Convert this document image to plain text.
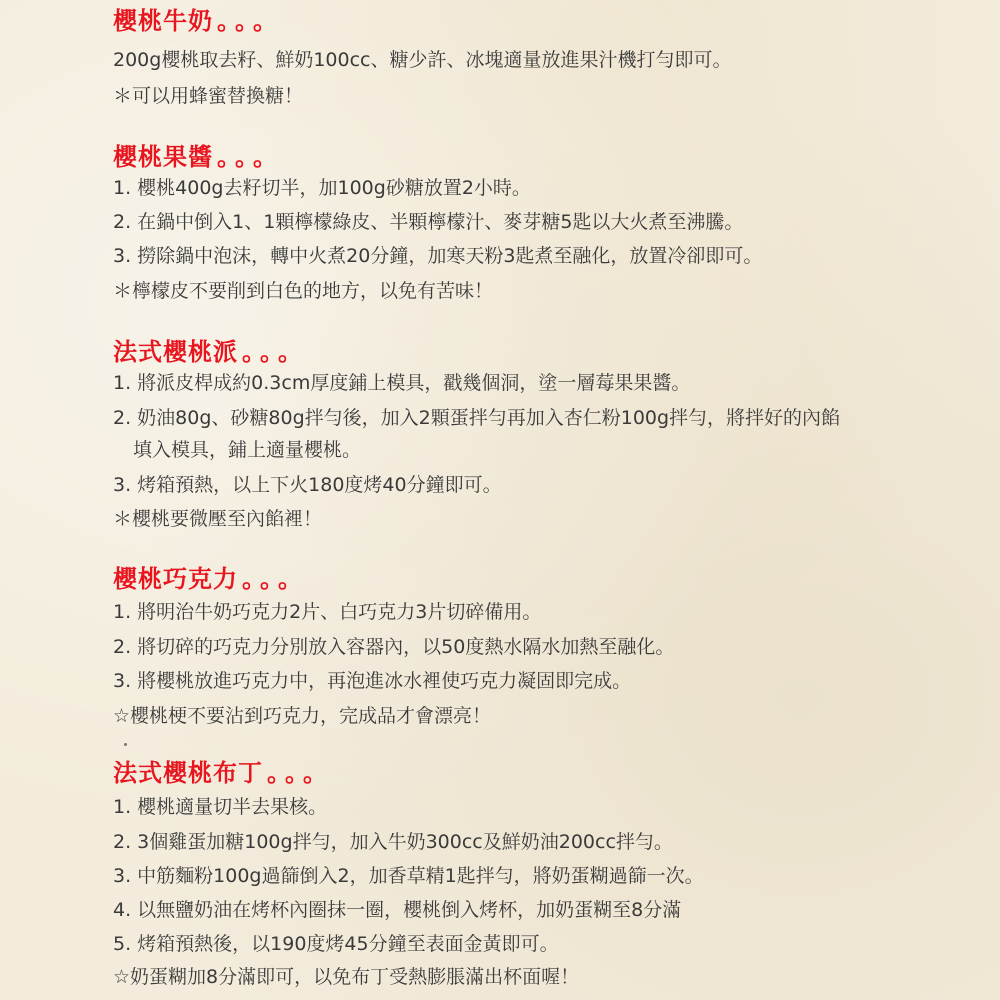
櫻桃牛奶 。。。
200g櫻桃取去籽、鮮奶100cc、糖少許、冰塊適量放進果汁機打勻即可。
＊可以用蜂蜜替換糖！
櫻桃果醬 。。。
1. 櫻桃400g去籽切半，加100g砂糖放置2小時。
2. 在鍋中倒入1、1顆檸檬綠皮、半顆檸檬汁、麥芽糖5匙以大火煮至沸騰。
3. 撈除鍋中泡沫，轉中火煮20分鐘，加寒天粉3匙煮至融化，放置冷卻即可。
＊檸檬皮不要削到白色的地方，以免有苦味！
法式櫻桃派 。。。
1. 將派皮桿成約0.3cm厚度鋪上模具，戳幾個洞，塗一層莓果果醬。
2. 奶油80g、砂糖80g拌勻後，加入2顆蛋拌勻再加入杏仁粉100g拌勻，將拌好的內餡
填入模具，鋪上適量櫻桃。
3. 烤箱預熱，以上下火180度烤40分鐘即可。
＊櫻桃要微壓至內餡裡！
櫻桃巧克力 。。。
1. 將明治牛奶巧克力2片、白巧克力3片切碎備用。
2. 將切碎的巧克力分別放入容器內，以50度熱水隔水加熱至融化。
3. 將櫻桃放進巧克力中，再泡進冰水裡使巧克力凝固即完成。
☆櫻桃梗不要沾到巧克力，完成品才會漂亮！
法式櫻桃布丁 。。。
1. 櫻桃適量切半去果核。
2. 3個雞蛋加糖100g拌勻，加入牛奶300cc及鮮奶油200cc拌勻。
3. 中筋麵粉100g過篩倒入2，加香草精1匙拌勻，將奶蛋糊過篩一次。
4. 以無鹽奶油在烤杯內圈抹一圈，櫻桃倒入烤杯，加奶蛋糊至8分滿
5. 烤箱預熱後，以190度烤45分鐘至表面金黃即可。
☆奶蛋糊加8分滿即可，以免布丁受熱膨脹滿出杯面喔！
